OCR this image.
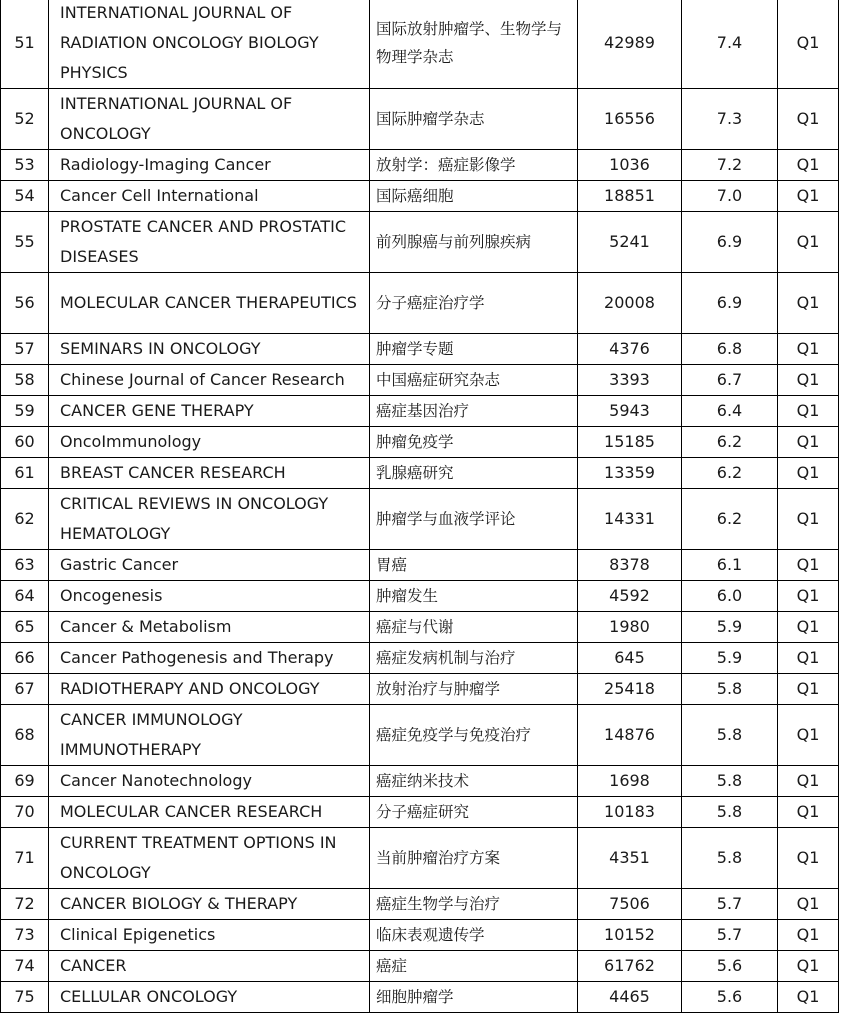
51	INTERNATIONAL JOURNAL OF RADIATION ONCOLOGY BIOLOGY PHYSICS	国际放射肿瘤学、生物学与物理学杂志	42989	7.4	Q1
52	INTERNATIONAL JOURNAL OF ONCOLOGY	国际肿瘤学杂志	16556	7.3	Q1
53	Radiology-Imaging Cancer	放射学：癌症影像学	1036	7.2	Q1
54	Cancer Cell International	国际癌细胞	18851	7.0	Q1
55	PROSTATE CANCER AND PROSTATIC DISEASES	前列腺癌与前列腺疾病	5241	6.9	Q1
56	MOLECULAR CANCER THERAPEUTICS	分子癌症治疗学	20008	6.9	Q1
57	SEMINARS IN ONCOLOGY	肿瘤学专题	4376	6.8	Q1
58	Chinese Journal of Cancer Research	中国癌症研究杂志	3393	6.7	Q1
59	CANCER GENE THERAPY	癌症基因治疗	5943	6.4	Q1
60	OncoImmunology	肿瘤免疫学	15185	6.2	Q1
61	BREAST CANCER RESEARCH	乳腺癌研究	13359	6.2	Q1
62	CRITICAL REVIEWS IN ONCOLOGY HEMATOLOGY	肿瘤学与血液学评论	14331	6.2	Q1
63	Gastric Cancer	胃癌	8378	6.1	Q1
64	Oncogenesis	肿瘤发生	4592	6.0	Q1
65	Cancer & Metabolism	癌症与代谢	1980	5.9	Q1
66	Cancer Pathogenesis and Therapy	癌症发病机制与治疗	645	5.9	Q1
67	RADIOTHERAPY AND ONCOLOGY	放射治疗与肿瘤学	25418	5.8	Q1
68	CANCER IMMUNOLOGY IMMUNOTHERAPY	癌症免疫学与免疫治疗	14876	5.8	Q1
69	Cancer Nanotechnology	癌症纳米技术	1698	5.8	Q1
70	MOLECULAR CANCER RESEARCH	分子癌症研究	10183	5.8	Q1
71	CURRENT TREATMENT OPTIONS IN ONCOLOGY	当前肿瘤治疗方案	4351	5.8	Q1
72	CANCER BIOLOGY & THERAPY	癌症生物学与治疗	7506	5.7	Q1
73	Clinical Epigenetics	临床表观遗传学	10152	5.7	Q1
74	CANCER	癌症	61762	5.6	Q1
75	CELLULAR ONCOLOGY	细胞肿瘤学	4465	5.6	Q1
